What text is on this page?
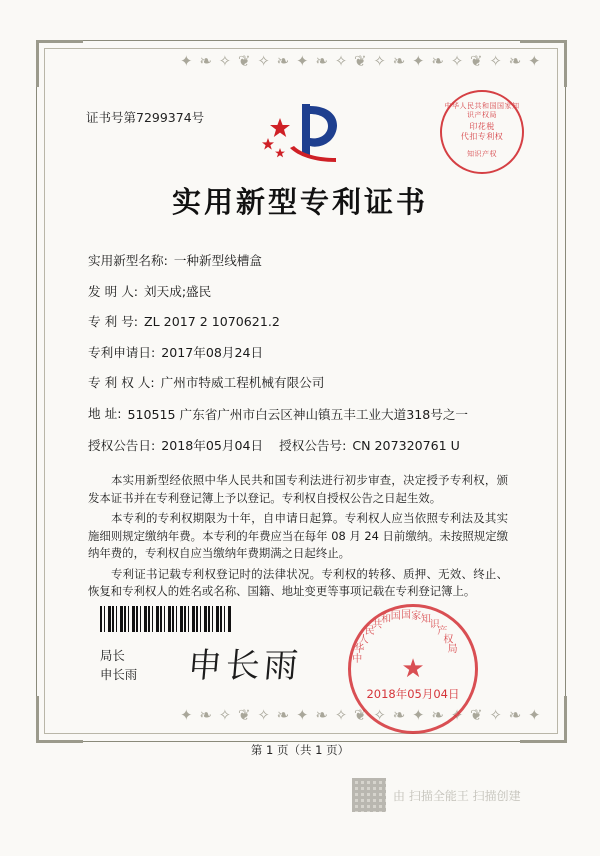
✦ ❧ ✧ ❦ ✧ ❧ ✦ ❧ ✧ ❦ ✧ ❧ ✦ ❧ ✧ ❦ ✧ ❧ ✦
✦ ❧ ✧ ❦ ✧ ❧ ✦ ❧ ✧ ❦ ✧ ❧ ✦ ❧ ✧ ❦ ✧ ❧ ✦
证书号第7299374号
中华人民共和国国家知识产权局
印花税
代扣专利权
知识产权
实用新型专利证书
实用新型名称: 一种新型线槽盒
发 明 人: 刘天成;盛民
专 利 号: ZL 2017 2 1070621.2
专利申请日: 2017年08月24日
专 利 权 人: 广州市特威工程机械有限公司
地 址: 510515 广东省广州市白云区神山镇五丰工业大道318号之一
授权公告日: 2018年05月04日 授权公告号: CN 207320761 U

本实用新型经依照中华人民共和国专利法进行初步审查，决定授予专利权，颁发本证书并在专利登记簿上予以登记。专利权自授权公告之日起生效。

本专利的专利权期限为十年，自申请日起算。专利权人应当依照专利法及其实施细则规定缴纳年费。本专利的年费应当在每年 08 月 24 日前缴纳。未按照规定缴纳年费的，专利权自应当缴纳年费期满之日起终止。

专利证书记载专利权登记时的法律状况。专利权的转移、质押、无效、终止、恢复和专利权人的姓名或名称、国籍、地址变更等事项记载在专利登记簿上。

局长
申长雨 申长雨	★
中
华
人
民
共
和 国 国 家 知
识
产
权
局
2018年05月04日
第 1 页（共 1 页）
由 扫描全能王 扫描创建
